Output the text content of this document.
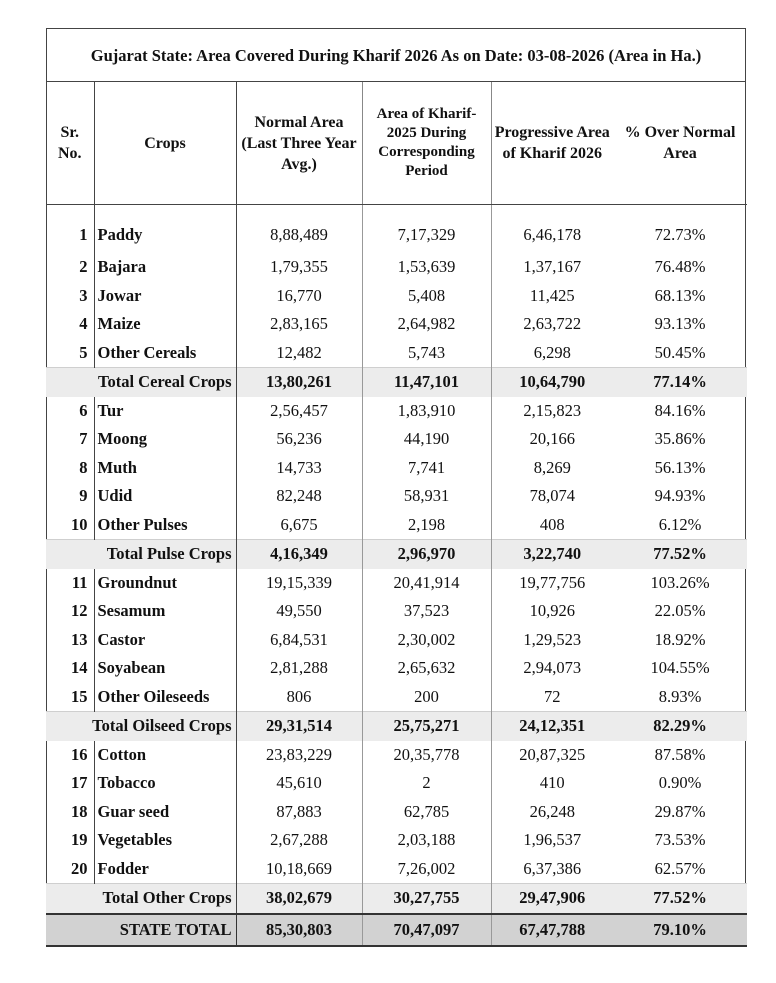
Gujarat State: Area Covered During Kharif 2026 As on Date: 03-08-2026 (Area in Ha.)
Sr. No.	Crops	Normal Area (Last Three Year Avg.)	Area of Kharif-2025 During Corresponding Period	Progressive Area of Kharif 2026	% Over Normal Area
1	Paddy	8,88,489	7,17,329	6,46,178	72.73%
2	Bajara	1,79,355	1,53,639	1,37,167	76.48%
3	Jowar	16,770	5,408	11,425	68.13%
4	Maize	2,83,165	2,64,982	2,63,722	93.13%
5	Other Cereals	12,482	5,743	6,298	50.45%
Total Cereal Crops		13,80,261	11,47,101	10,64,790	77.14%
6	Tur	2,56,457	1,83,910	2,15,823	84.16%
7	Moong	56,236	44,190	20,166	35.86%
8	Muth	14,733	7,741	8,269	56.13%
9	Udid	82,248	58,931	78,074	94.93%
10	Other Pulses	6,675	2,198	408	6.12%
Total Pulse Crops		4,16,349	2,96,970	3,22,740	77.52%
11	Groundnut	19,15,339	20,41,914	19,77,756	103.26%
12	Sesamum	49,550	37,523	10,926	22.05%
13	Castor	6,84,531	2,30,002	1,29,523	18.92%
14	Soyabean	2,81,288	2,65,632	2,94,073	104.55%
15	Other Oileseeds	806	200	72	8.93%
Total Oilseed Crops		29,31,514	25,75,271	24,12,351	82.29%
16	Cotton	23,83,229	20,35,778	20,87,325	87.58%
17	Tobacco	45,610	2	410	0.90%
18	Guar seed	87,883	62,785	26,248	29.87%
19	Vegetables	2,67,288	2,03,188	1,96,537	73.53%
20	Fodder	10,18,669	7,26,002	6,37,386	62.57%
Total Other Crops		38,02,679	30,27,755	29,47,906	77.52%
STATE TOTAL		85,30,803	70,47,097	67,47,788	79.10%
